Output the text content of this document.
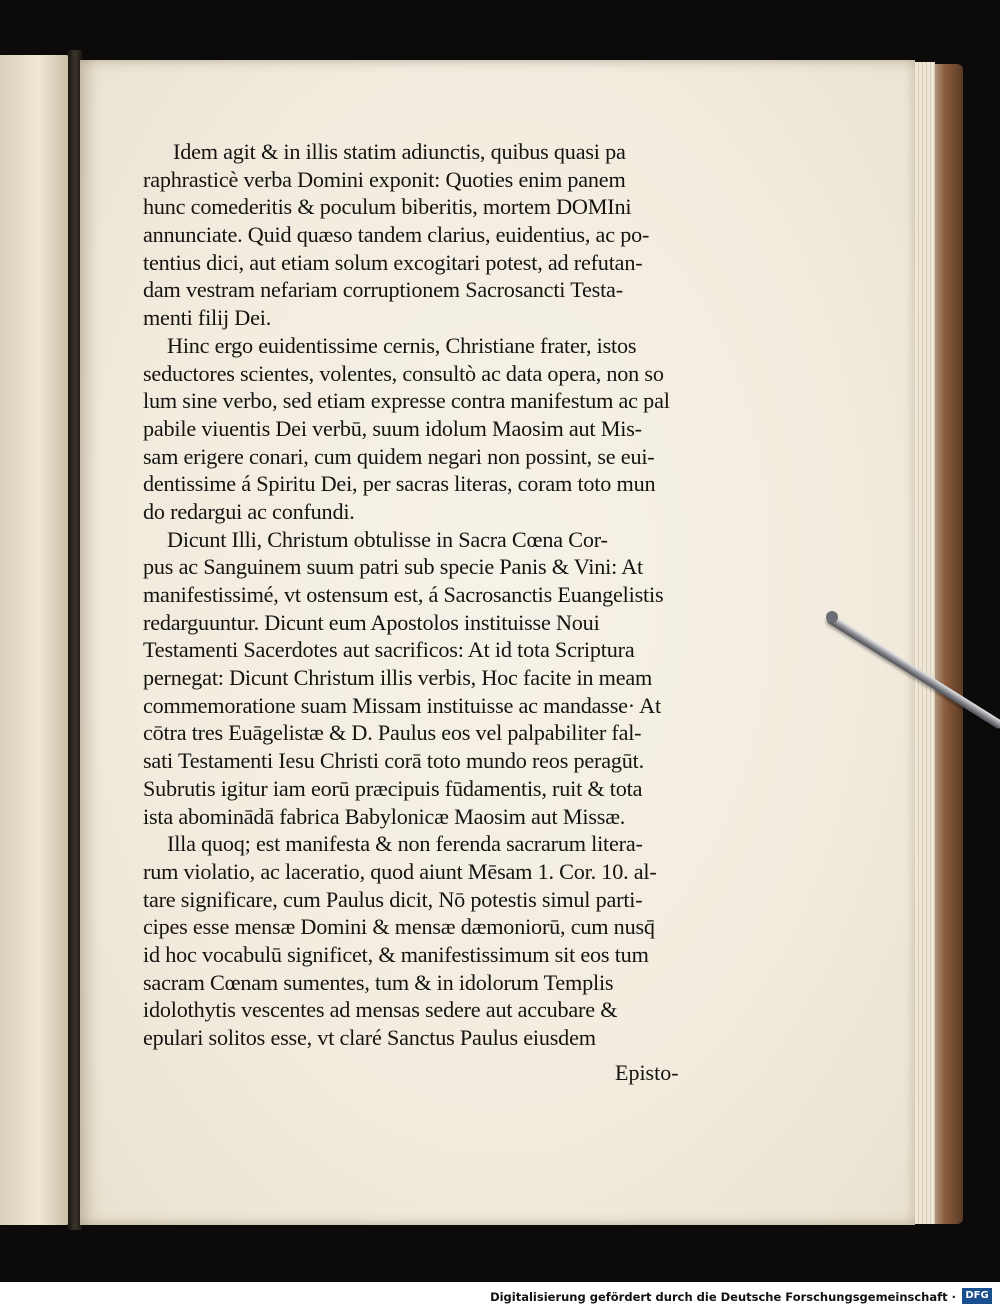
Idem agit & in illis statim adiunctis, quibus quasi pa
raphrasticè verba Domini exponit: Quoties enim panem
hunc comederitis & poculum biberitis, mortem DOMIni
annunciate. Quid quæso tandem clarius, euidentius, ac po-
tentius dici, aut etiam solum excogitari potest, ad refutan-
dam vestram nefariam corruptionem Sacrosancti Testa-
menti filij Dei.
Hinc ergo euidentissime cernis, Christiane frater, istos
seductores scientes, volentes, consultò ac data opera, non so
lum sine verbo, sed etiam expresse contra manifestum ac pal
pabile viuentis Dei verbū, suum idolum Maosim aut Mis-
sam erigere conari, cum quidem negari non possint, se eui-
dentissime á Spiritu Dei, per sacras literas, coram toto mun
do redargui ac confundi.
Dicunt Illi, Christum obtulisse in Sacra Cœna Cor-
pus ac Sanguinem suum patri sub specie Panis & Vini: At
manifestissimé, vt ostensum est, á Sacrosanctis Euangelistis
redarguuntur. Dicunt eum Apostolos instituisse Noui
Testamenti Sacerdotes aut sacrificos: At id tota Scriptura
pernegat: Dicunt Christum illis verbis, Hoc facite in meam
commemoratione suam Missam instituisse ac mandasse· At
cōtra tres Euāgelistæ & D. Paulus eos vel palpabiliter fal-
sati Testamenti Iesu Christi corā toto mundo reos peragūt.
Subrutis igitur iam eorū præcipuis fūdamentis, ruit & tota
ista abominādā fabrica Babylonicæ Maosim aut Missæ.
Illa quoq; est manifesta & non ferenda sacrarum litera-
rum violatio, ac laceratio, quod aiunt Mēsam 1. Cor. 10. al-
tare significare, cum Paulus dicit, Nō potestis simul parti-
cipes esse mensæ Domini & mensæ dæmoniorū, cum nusq̄
id hoc vocabulū significet, & manifestissimum sit eos tum
sacram Cœnam sumentes, tum & in idolorum Templis
idolothytis vescentes ad mensas sedere aut accubare &
epulari solitos esse, vt claré Sanctus Paulus eiusdem
Episto-
Digitalisierung gefördert durch die Deutsche Forschungsgemeinschaft · DFG
